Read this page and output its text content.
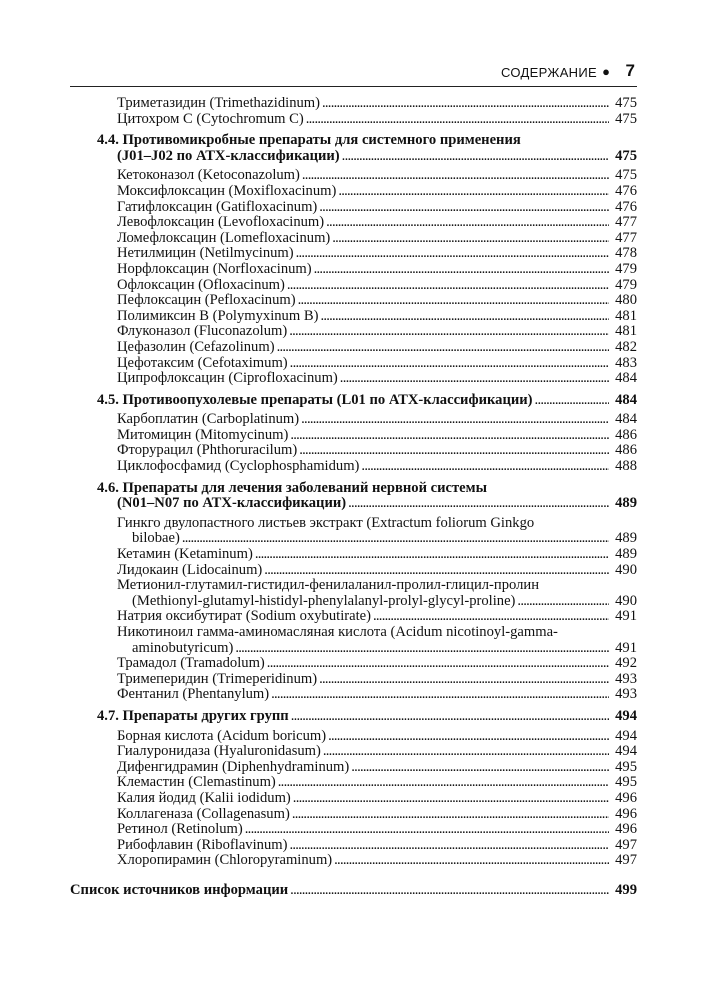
СОДЕРЖАНИЕ ● 7
Триметазидин (Trimethazidinum) . . .	475
Цитохром С (Cytochromum C) . . .	475
4.4. Противомикробные препараты для системного применения
(J01–J02 по АТХ-классификации) . . .	475
Кетоконазол (Ketoconazolum) . . .	475
Моксифлоксацин (Moxifloxacinum) . . .	476
Гатифлоксацин (Gatifloxacinum) . . .	476
Левофлоксацин (Levofloxacinum) . . .	477
Ломефлоксацин (Lomefloxacinum) . . .	477
Нетилмицин (Netilmycinum) . . .	478
Норфлоксацин (Norfloxacinum) . . .	479
Офлоксацин (Ofloxacinum) . . .	479
Пефлоксацин (Pefloxacinum) . . .	480
Полимиксин В (Polymyxinum B) . . .	481
Флуконазол (Fluconazolum) . . .	481
Цефазолин (Cefazolinum) . . .	482
Цефотаксим (Cefotaximum) . . .	483
Ципрофлоксацин (Ciprofloxacinum) . . .	484
4.5. Противоопухолевые препараты (L01 по АТХ-классификации) . . .	484
Карбоплатин (Carboplatinum) . . .	484
Митомицин (Mitomycinum) . . .	486
Фторурацил (Phthoruracilum) . . .	486
Циклофосфамид (Cyclophosphamidum) . . .	488
4.6. Препараты для лечения заболеваний нервной системы
(N01–N07 по АТХ-классификации) . . .	489
Гинкго двулопастного листьев экстракт (Extractum foliorum Ginkgo
bilobae) . . .	489
Кетамин (Ketaminum) . . .	489
Лидокаин (Lidocainum) . . .	490
Метионил-глутамил-гистидил-фенилаланил-пролил-глицил-пролин
(Methionyl-glutamyl-histidyl-phenylalanyl-prolyl-glycyl-proline) . . .	490
Натрия оксибутират (Sodium oxybutirate) . . .	491
Никотиноил гамма-аминомасляная кислота (Acidum nicotinoyl-gamma-
aminobutyricum) . . .	491
Трамадол (Tramadolum) . . .	492
Тримеперидин (Trimeperidinum) . . .	493
Фентанил (Phentanylum) . . .	493
4.7. Препараты других групп . . .	494
Борная кислота (Acidum boricum) . . .	494
Гиалуронидаза (Hyaluronidasum) . . .	494
Дифенгидрамин (Diphenhydraminum) . . .	495
Клемастин (Clemastinum) . . .	495
Калия йодид (Kalii iodidum) . . .	496
Коллагеназа (Collagenasum) . . .	496
Ретинол (Retinolum) . . .	496
Рибофлавин (Riboflavinum) . . .	497
Хлоропирамин (Chloropyraminum) . . .	497
Список источников информации . . .	499
